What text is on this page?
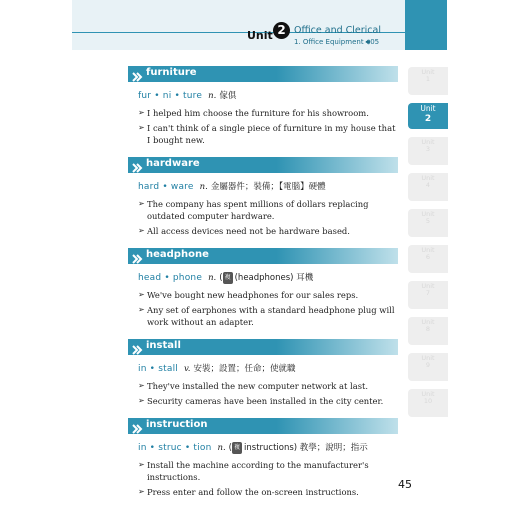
Unit 2 Office and Clerical
1. Office Equipment 🔊︎05
Unit
1
Unit
2
Unit
3
Unit
4
Unit
5
Unit
6
Unit
7
Unit
8
Unit
9
Unit
10
furniture
fur • ni • ture n. 傢俱
➢︎ I helped him choose the furniture for his showroom.
➢︎ I can't think of a single piece of furniture in my house that I bought new.
hardware
hard • ware n. 金屬器件；裝備；【電腦】硬體
➢︎ The company has spent millions of dollars replacing outdated computer hardware.
➢︎ All access devices need not be hardware based.
headphone
head • phone n. ( 複 (headphones) 耳機
➢︎ We've bought new headphones for our sales reps.
➢︎ Any set of earphones with a standard headphone plug will work without an adapter.
install
in • stall v. 安裝；設置；任命；使就職
➢︎ They've installed the new computer network at last.
➢︎ Security cameras have been installed in the city center.
instruction
in • struc • tion n. ( 複 instructions) 教學；說明；指示
➢︎ Install the machine according to the manufacturer's instructions.
➢︎ Press enter and follow the on-screen instructions.
45
